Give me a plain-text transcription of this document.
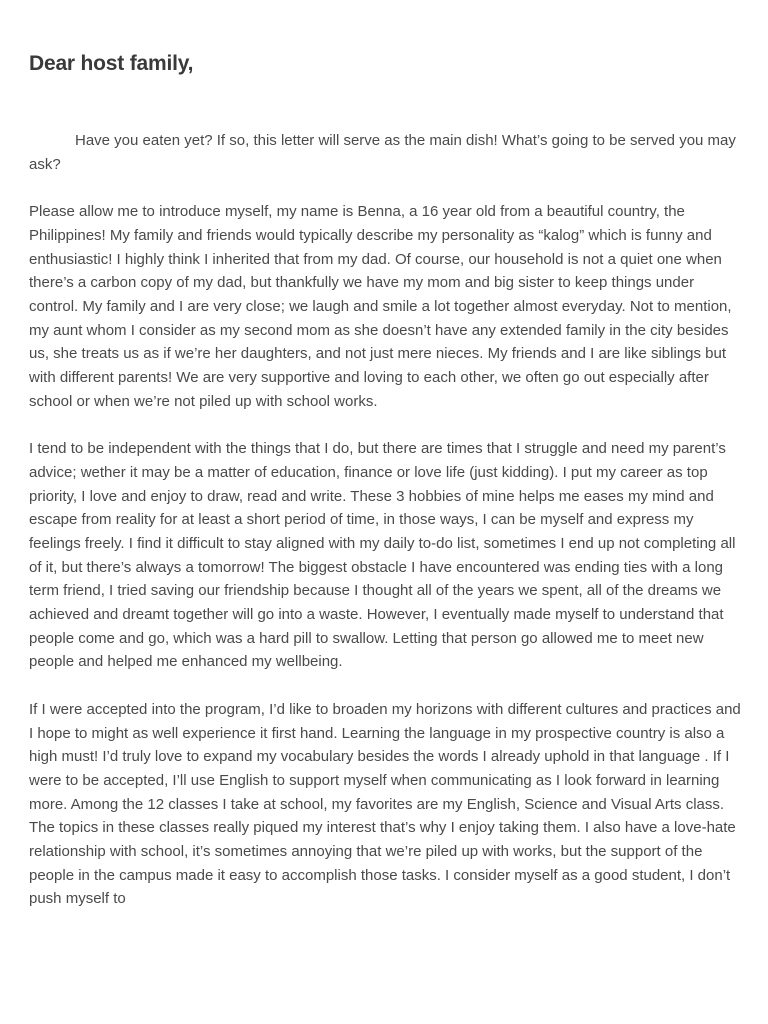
Dear host family,

Have you eaten yet? If so, this letter will serve as the main dish! What’s going to be served you may ask?

Please allow me to introduce myself, my name is Benna, a 16 year old from a beautiful country, the Philippines! My family and friends would typically describe my personality as “kalog” which is funny and enthusiastic! I highly think I inherited that from my dad. Of course, our household is not a quiet one when there’s a carbon copy of my dad, but thankfully we have my mom and big sister to keep things under control. My family and I are very close; we laugh and smile a lot together almost everyday. Not to mention, my aunt whom I consider as my second mom as she doesn’t have any extended family in the city besides us, she treats us as if we’re her daughters, and not just mere nieces. My friends and I are like siblings but with different parents! We are very supportive and loving to each other, we often go out especially after school or when we’re not piled up with school works.

I tend to be independent with the things that I do, but there are times that I struggle and need my parent’s advice; wether it may be a matter of education, finance or love life (just kidding). I put my career as top priority, I love and enjoy to draw, read and write. These 3 hobbies of mine helps me eases my mind and escape from reality for at least a short period of time, in those ways, I can be myself and express my feelings freely. I find it difficult to stay aligned with my daily to-do list, sometimes I end up not completing all of it, but there’s always a tomorrow! The biggest obstacle I have encountered was ending ties with a long term friend, I tried saving our friendship because I thought all of the years we spent, all of the dreams we achieved and dreamt together will go into a waste. However, I eventually made myself to understand that people come and go, which was a hard pill to swallow. Letting that person go allowed me to meet new people and helped me enhanced my wellbeing.

If I were accepted into the program, I’d like to broaden my horizons with different cultures and practices and I hope to might as well experience it first hand. Learning the language in my prospective country is also a high must! I’d truly love to expand my vocabulary besides the words I already uphold in that language . If I were to be accepted, I’ll use English to support myself when communicating as I look forward in learning more. Among the 12 classes I take at school, my favorites are my English, Science and Visual Arts class. The topics in these classes really piqued my interest that’s why I enjoy taking them. I also have a love-hate relationship with school, it’s sometimes annoying that we’re piled up with works, but the support of the people in the campus made it easy to accomplish those tasks. I consider myself as a good student, I don’t push myself to
